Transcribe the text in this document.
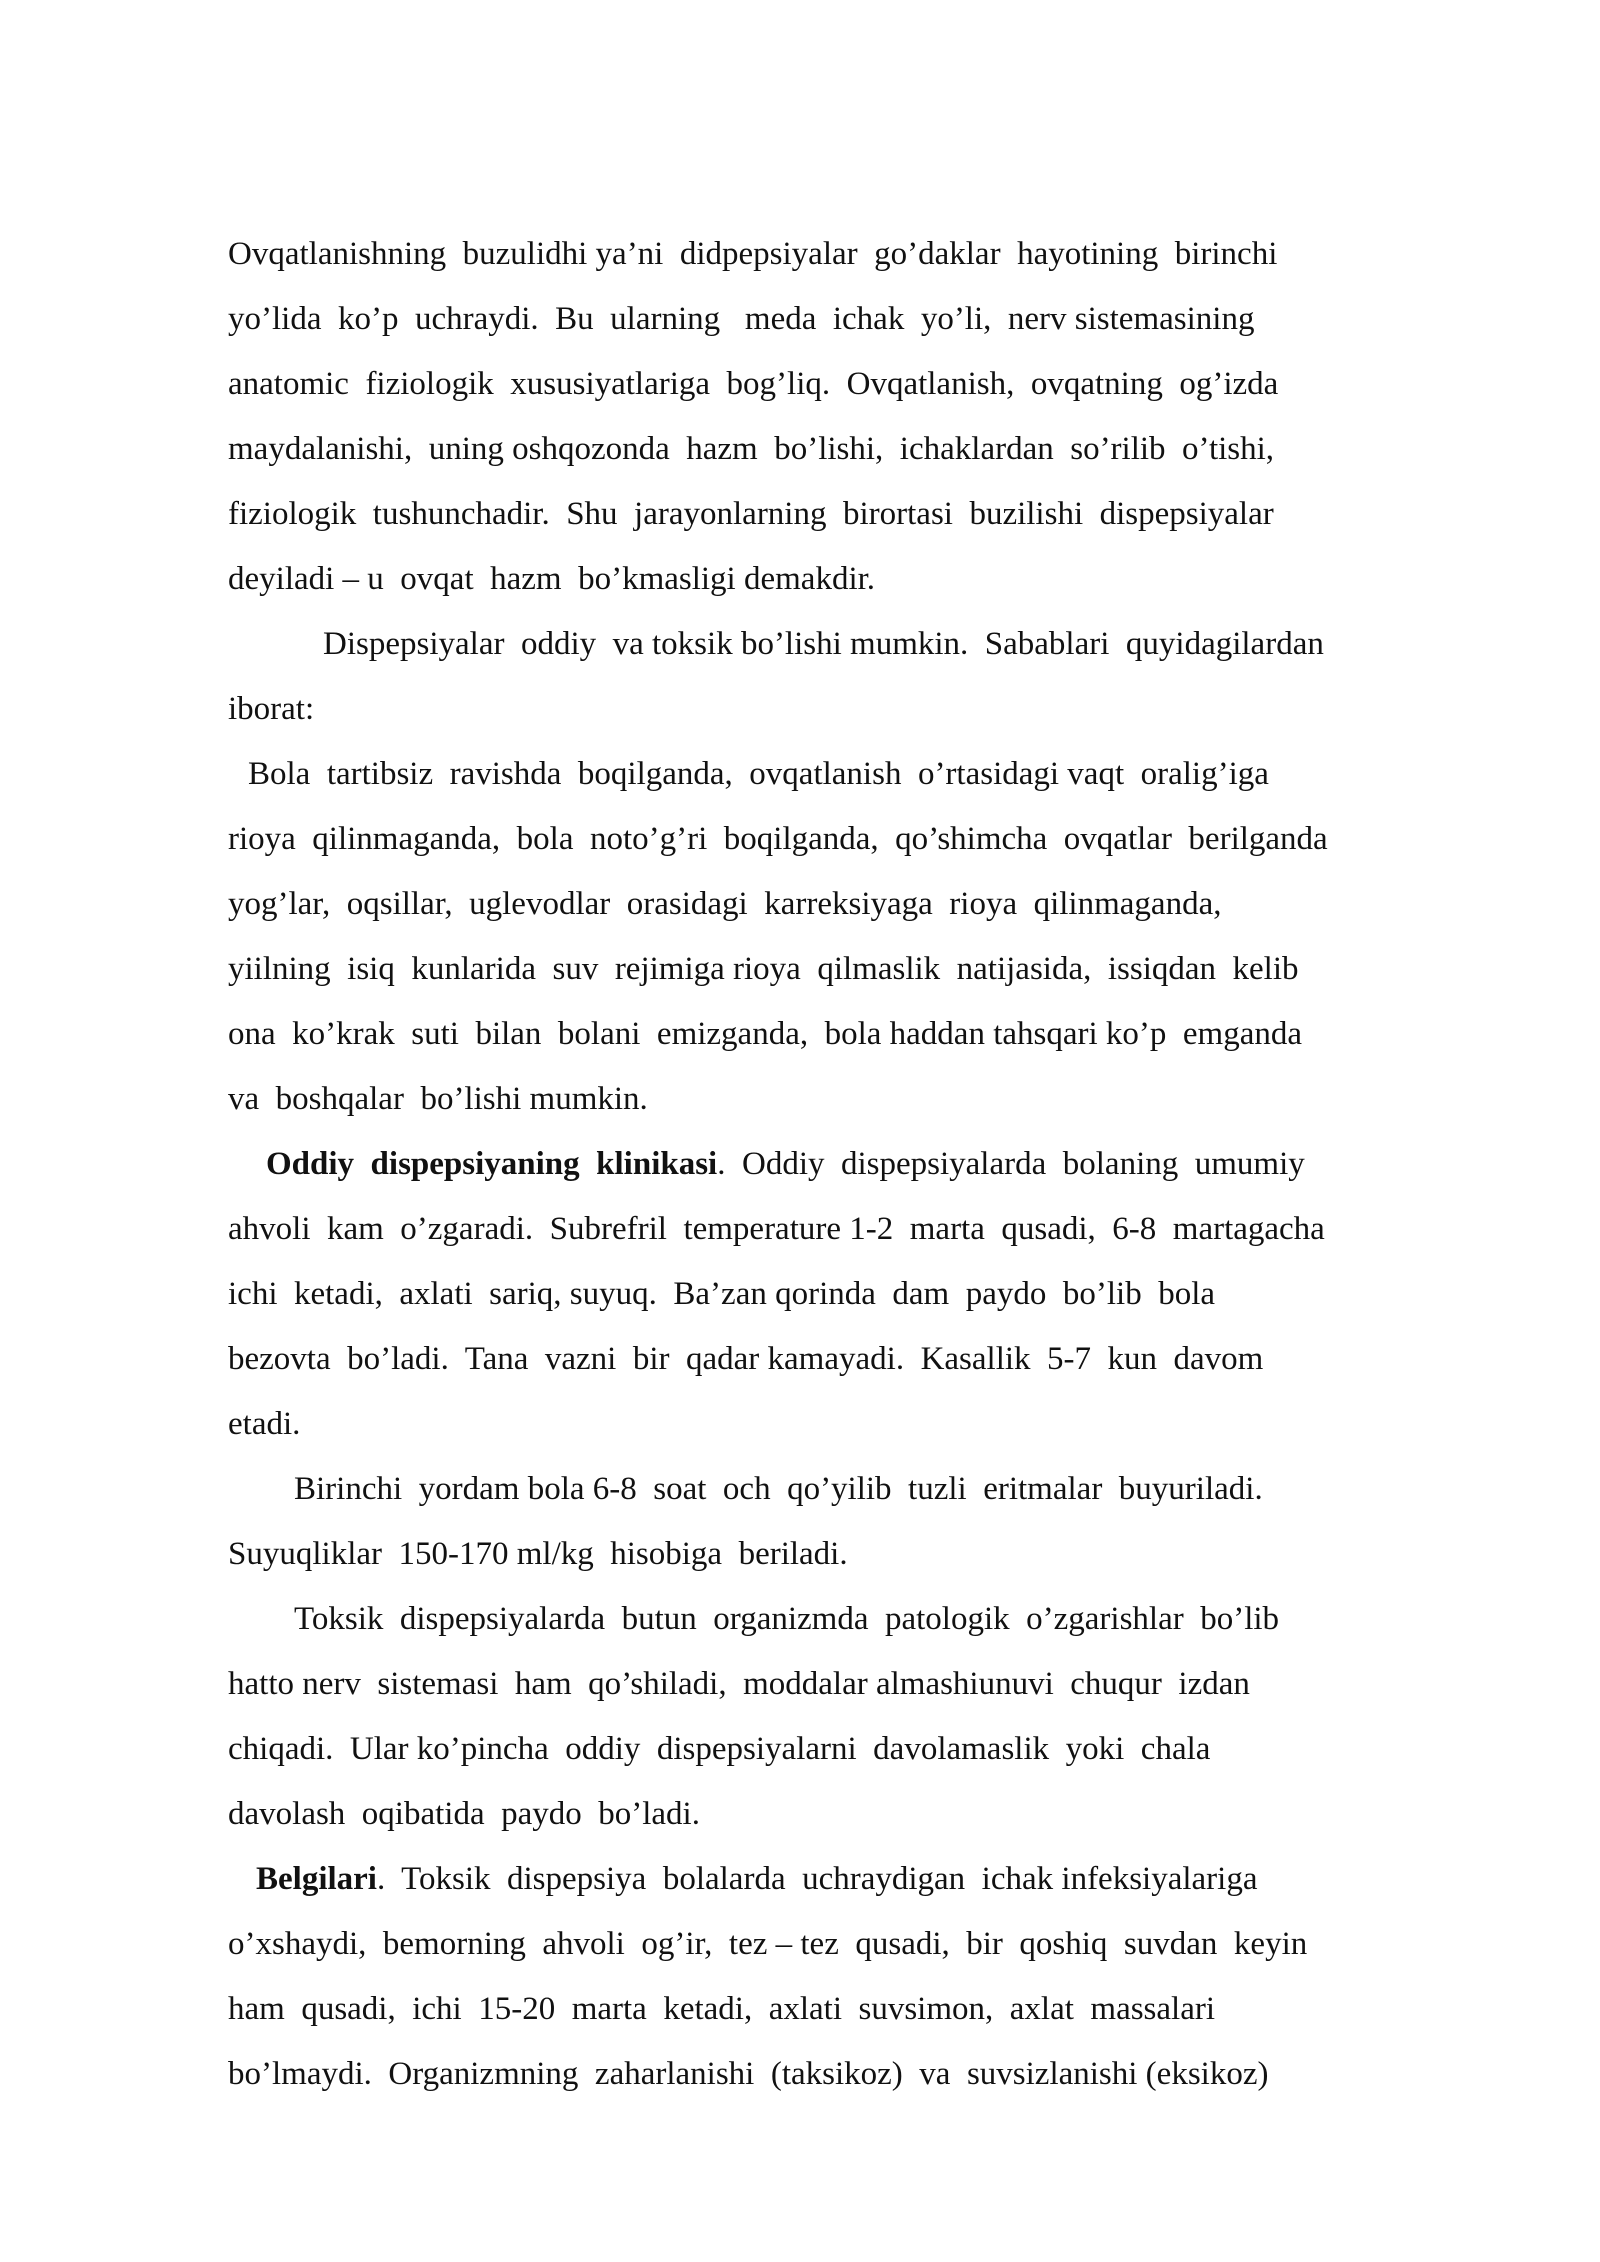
Ovqatlanishning  buzulidhi ya’ni  didpepsiyalar  go’daklar  hayotining  birinchi
yo’lida  ko’p  uchraydi.  Bu  ularning   meda  ichak  yo’li,  nerv sistemasining
anatomic  fiziologik  xususiyatlariga  bog’liq.  Ovqatlanish,  ovqatning  og’izda
maydalanishi,  uning oshqozonda  hazm  bo’lishi,  ichaklardan  so’rilib  o’tishi,
fiziologik  tushunchadir.  Shu  jarayonlarning  birortasi  buzilishi  dispepsiyalar
deyiladi – u  ovqat  hazm  bo’kmasligi demakdir.
Dispepsiyalar  oddiy  va toksik bo’lishi mumkin.  Sabablari  quyidagilardan
iborat:
Bola  tartibsiz  ravishda  boqilganda,  ovqatlanish  o’rtasidagi vaqt  oralig’iga
rioya  qilinmaganda,  bola  noto’g’ri  boqilganda,  qo’shimcha  ovqatlar  berilganda
yog’lar,  oqsillar,  uglevodlar  orasidagi  karreksiyaga  rioya  qilinmaganda,
yiilning  isiq  kunlarida  suv  rejimiga rioya  qilmaslik  natijasida,  issiqdan  kelib
ona  ko’krak  suti  bilan  bolani  emizganda,  bola haddan tahsqari ko’p  emganda
va  boshqalar  bo’lishi mumkin.
Oddiy  dispepsiyaning  klinikasi.  Oddiy  dispepsiyalarda  bolaning  umumiy
ahvoli  kam  o’zgaradi.  Subrefril  temperature 1-2  marta  qusadi,  6-8  martagacha
ichi  ketadi,  axlati  sariq, suyuq.  Ba’zan qorinda  dam  paydo  bo’lib  bola
bezovta  bo’ladi.  Tana  vazni  bir  qadar kamayadi.  Kasallik  5-7  kun  davom
etadi.
Birinchi  yordam bola 6-8  soat  och  qo’yilib  tuzli  eritmalar  buyuriladi.
Suyuqliklar  150-170 ml/kg  hisobiga  beriladi.
Toksik  dispepsiyalarda  butun  organizmda  patologik  o’zgarishlar  bo’lib
hatto nerv  sistemasi  ham  qo’shiladi,  moddalar almashiunuvi  chuqur  izdan
chiqadi.  Ular ko’pincha  oddiy  dispepsiyalarni  davolamaslik  yoki  chala
davolash  oqibatida  paydo  bo’ladi.
Belgilari.  Toksik  dispepsiya  bolalarda  uchraydigan  ichak infeksiyalariga
o’xshaydi,  bemorning  ahvoli  og’ir,  tez – tez  qusadi,  bir  qoshiq  suvdan  keyin
ham  qusadi,  ichi  15-20  marta  ketadi,  axlati  suvsimon,  axlat  massalari
bo’lmaydi.  Organizmning  zaharlanishi  (taksikoz)  va  suvsizlanishi (eksikoz)
